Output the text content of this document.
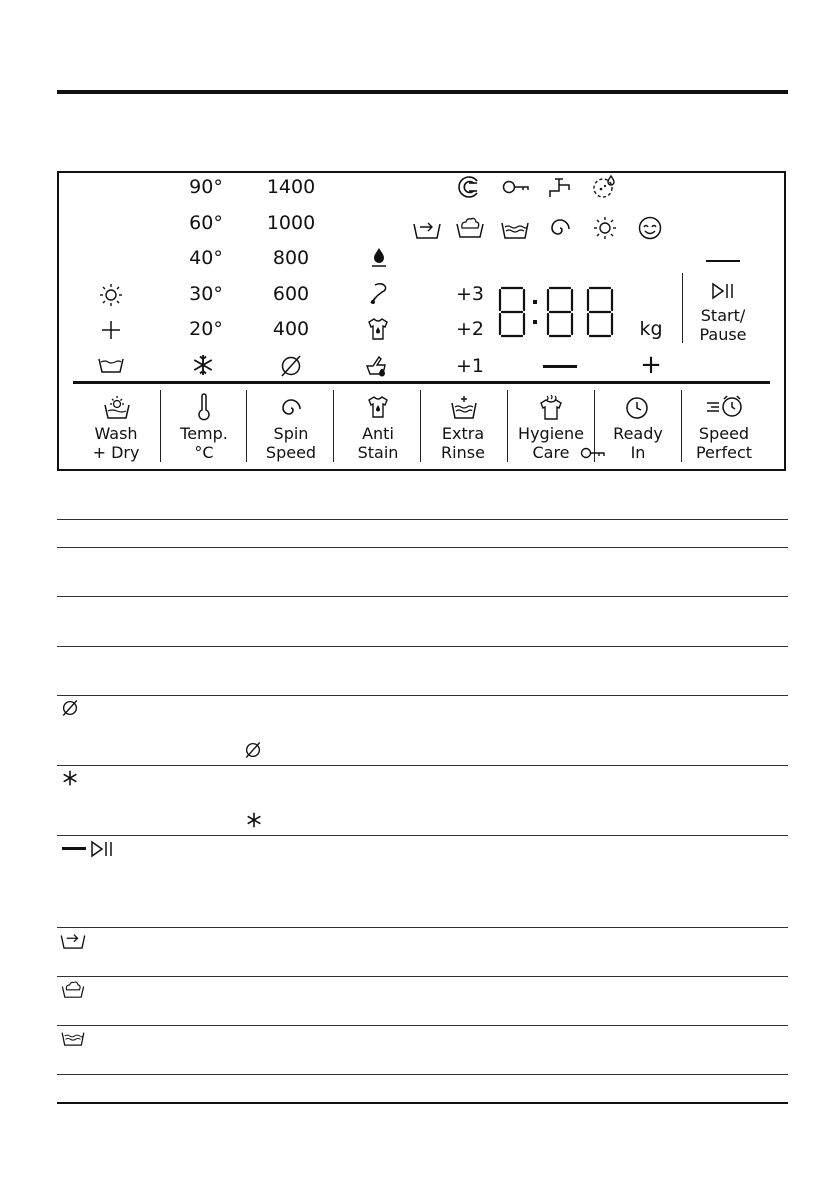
90°
60°
40°
30°
20°
1400
1000
800
600
400
+3
+2
+1
kg
+
Start/
Pause
Wash
+ Dry
Temp.
°C
Spin
Speed
Anti
Stain
Extra
Rinse
Hygiene
Care
Ready
In
Speed
Perfect
